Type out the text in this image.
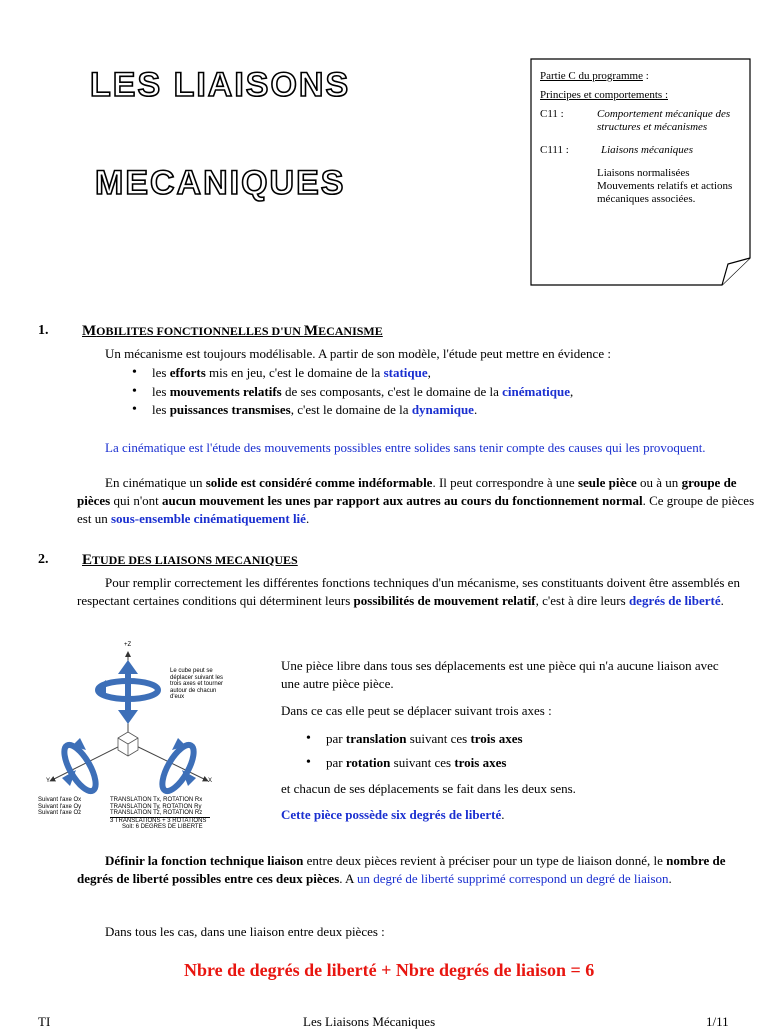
LES LIAISONS
MECANIQUES

Partie C du programme :

Principes et comportements :

C11 :	Comportement mécanique des structures et mécanismes
C111 :	Liaisons mécaniques
Liaisons normalisées Mouvements relatifs et actions mécaniques associées.
1. MOBILITES FONCTIONNELLES D'UN MECANISME
Un mécanisme est toujours modélisable. A partir de son modèle, l'étude peut mettre en évidence :
• les efforts mis en jeu, c'est le domaine de la statique,
• les mouvements relatifs de ses composants, c'est le domaine de la cinématique,
• les puissances transmises, c'est le domaine de la dynamique.
La cinématique est l'étude des mouvements possibles entre solides sans tenir compte des causes qui les provoquent.
En cinématique un solide est considéré comme indéformable. Il peut correspondre à une seule pièce ou à un groupe de pièces qui n'ont aucun mouvement les unes par rapport aux autres au cours du fonctionnement normal. Ce groupe de pièces est un sous-ensemble cinématiquement lié.
2. ETUDE DES LIAISONS MECANIQUES
Pour remplir correctement les différentes fonctions techniques d'un mécanisme, ses constituants doivent être assemblés en respectant certaines conditions qui déterminent leurs possibilités de mouvement relatif, c'est à dire leurs degrés de liberté.
+Z
Y	X
Le cube peut se déplacer suivant les trois axes et tourner autour de chacun d'eux
Suivant l'axe Ox
Suivant l'axe Oy
Suivant l'axe Oz
TRANSLATION Tx, ROTATION Rx
TRANSLATION Ty, ROTATION Ry
TRANSLATION Tz, ROTATION Rz
3 TRANSLATIONS + 3 ROTATIONS
Soit: 6 DEGRES DE LIBERTE
Une pièce libre dans tous ses déplacements est une pièce qui n'a aucune liaison avec une autre pièce pièce.
Dans ce cas elle peut se déplacer suivant trois axes :
• par translation suivant ces trois axes
• par rotation suivant ces trois axes
et chacun de ses déplacements se fait dans les deux sens.
Cette pièce possède six degrés de liberté.
Définir la fonction technique liaison entre deux pièces revient à préciser pour un type de liaison donné, le nombre de degrés de liberté possibles entre ces deux pièces. A un degré de liberté supprimé correspond un degré de liaison.
Dans tous les cas, dans une liaison entre deux pièces :
Nbre de degrés de liberté + Nbre degrés de liaison = 6
TI	Les Liaisons Mécaniques	1/11
